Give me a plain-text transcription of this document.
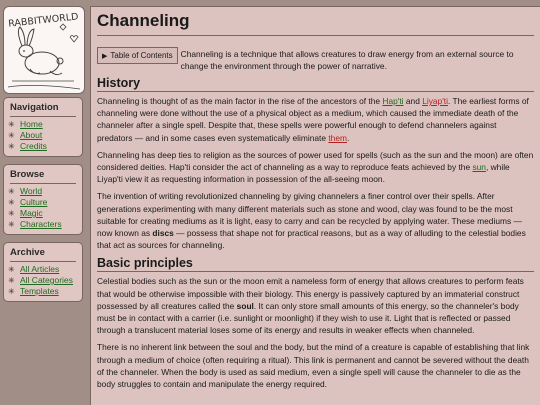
RABBITWORLD
Navigation
✳ Home
✳ About
✳ Credits
Browse
✳ World
✳ Culture
✳ Magic
✳ Characters
Archive
✳ All Articles
✳ All Categories
✳ Templates
Channeling
▶ Table of Contents Channeling is a technique that allows creatures to draw energy from an external source to change the environment through the power of narrative.

History

Channeling is thought of as the main factor in the rise of the ancestors of the Hap'ti and Liyap'ti. The earliest forms of channeling were done without the use of a physical object as a medium, which caused the immediate death of the channeler after a single spell. Despite that, these spells were powerful enough to defend channelers against predators — and in some cases even systematically eliminate them.

Channeling has deep ties to religion as the sources of power used for spells (such as the sun and the moon) are often considered deities. Hap'ti consider the act of channeling as a way to reproduce feats achieved by the sun, while Liyap'ti view it as requesting information in possession of the all-seeing moon.

The invention of writing revolutionized channeling by giving channelers a finer control over their spells. After generations experimenting with many different materials such as stone and wood, clay was found to be the most suitable for creating mediums as it is light, easy to carry and can be recycled by applying water. These mediums — now known as discs — possess that shape not for practical reasons, but as a way of alluding to the celestial bodies that act as sources for channeling.

Basic principles

Celestial bodies such as the sun or the moon emit a nameless form of energy that allows creatures to perform feats that would be otherwise impossible with their biology. This energy is passively captured by an immaterial construct possessed by all creatures called the soul. It can only store small amounts of this energy, so the channeler's body must be in contact with a carrier (i.e. sunlight or moonlight) if they wish to use it. Light that is reflected or passed through a translucent material loses some of its energy and results in weaker effects when channeled.

There is no inherent link between the soul and the body, but the mind of a creature is capable of establishing that link through a medium of choice (often requiring a ritual). This link is permanent and cannot be severed without the death of the channeler. When the body is used as said medium, even a single spell will cause the channeler to die as the body struggles to contain and manipulate the energy required.
